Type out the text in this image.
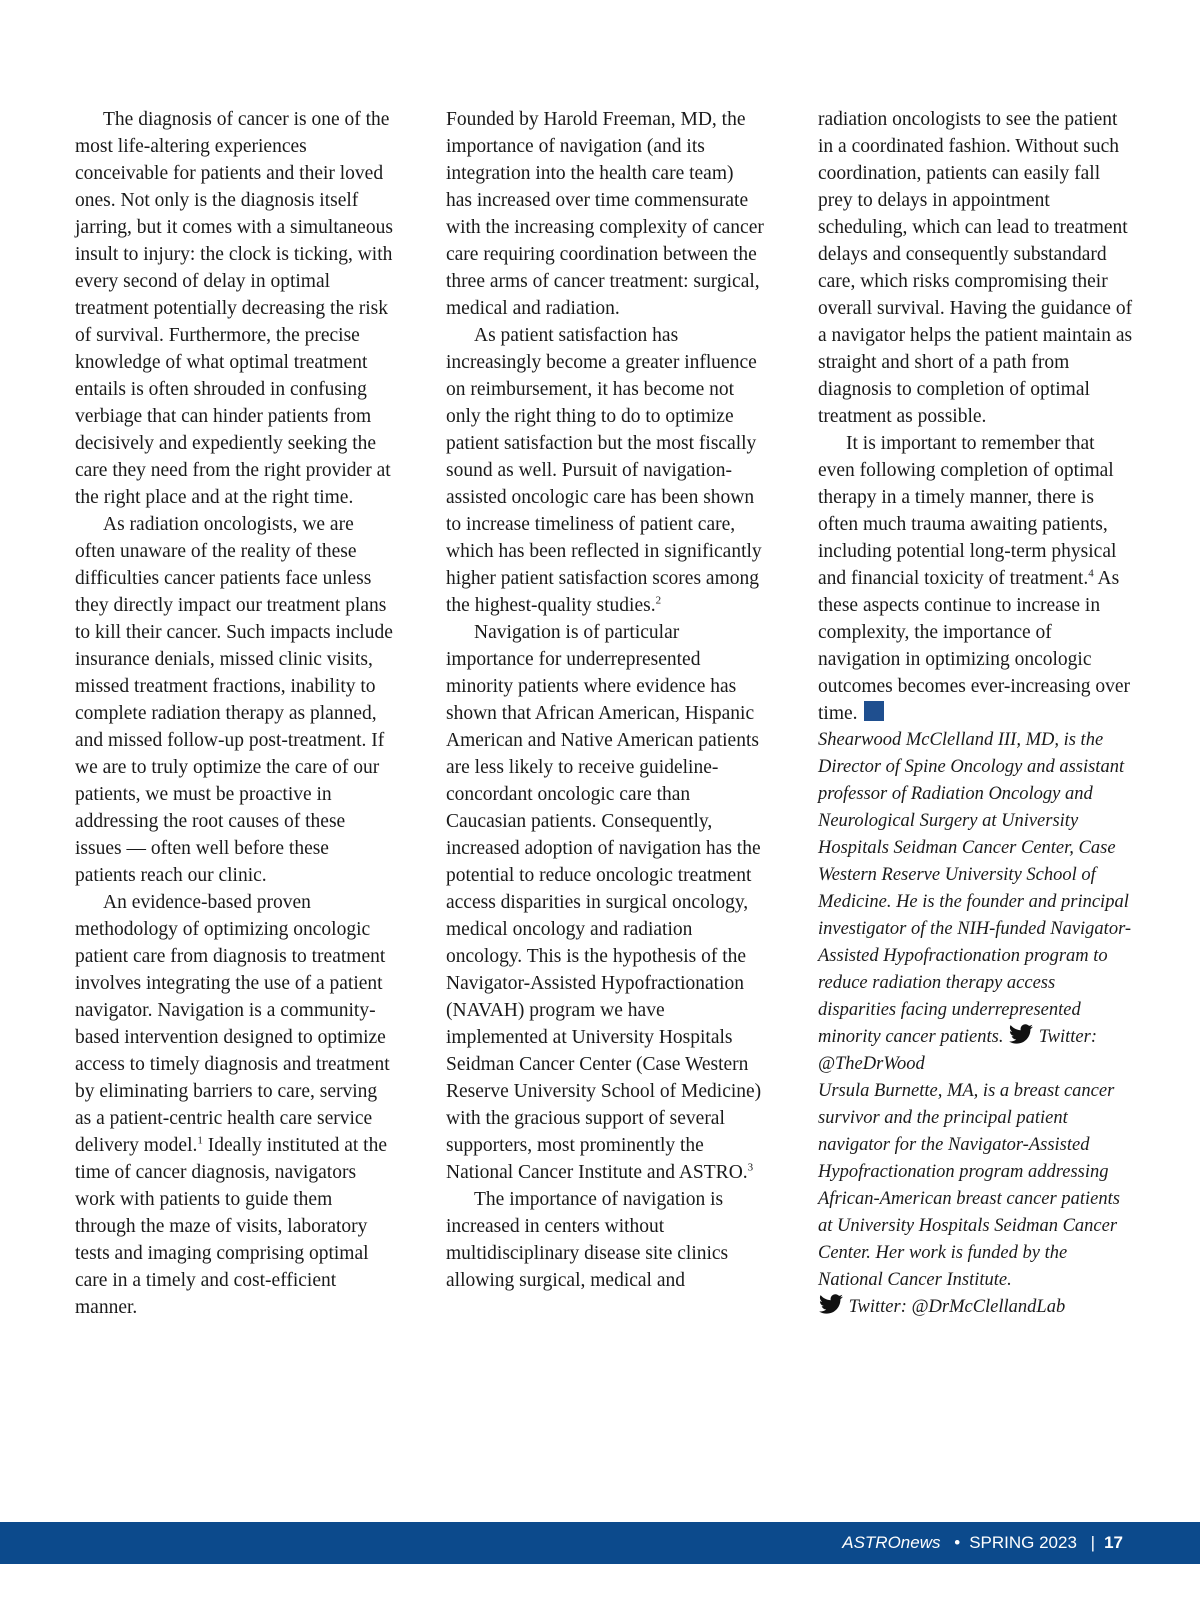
The diagnosis of cancer is one of the most life-altering experiences conceivable for patients and their loved ones. Not only is the diagnosis itself jarring, but it comes with a simultaneous insult to injury: the clock is ticking, with every second of delay in optimal treatment potentially decreasing the risk of survival. Furthermore, the precise knowledge of what optimal treatment entails is often shrouded in confusing verbiage that can hinder patients from decisively and expediently seeking the care they need from the right provider at the right place and at the right time.

As radiation oncologists, we are often unaware of the reality of these difficulties cancer patients face unless they directly impact our treatment plans to kill their cancer. Such impacts include insurance denials, missed clinic visits, missed treatment fractions, inability to complete radiation therapy as planned, and missed follow-up post-treatment. If we are to truly optimize the care of our patients, we must be proactive in addressing the root causes of these issues — often well before these patients reach our clinic.

An evidence-based proven methodology of optimizing oncologic patient care from diagnosis to treatment involves integrating the use of a patient navigator. Navigation is a community-based intervention designed to optimize access to timely diagnosis and treatment by eliminating barriers to care, serving as a patient-centric health care service delivery model.$^1$ Ideally instituted at the time of cancer diagnosis, navigators work with patients to guide them through the maze of visits, laboratory tests and imaging comprising optimal care in a timely and cost-efficient manner.

Founded by Harold Freeman, MD, the importance of navigation (and its integration into the health care team) has increased over time commensurate with the increasing complexity of cancer care requiring coordination between the three arms of cancer treatment: surgical, medical and radiation.

As patient satisfaction has increasingly become a greater influence on reimbursement, it has become not only the right thing to do to optimize patient satisfaction but the most fiscally sound as well. Pursuit of navigation-assisted oncologic care has been shown to increase timeliness of patient care, which has been reflected in significantly higher patient satisfaction scores among the highest-quality studies.$^2$

Navigation is of particular importance for underrepresented minority patients where evidence has shown that African American, Hispanic American and Native American patients are less likely to receive guideline-concordant oncologic care than Caucasian patients. Consequently, increased adoption of navigation has the potential to reduce oncologic treatment access disparities in surgical oncology, medical oncology and radiation oncology. This is the hypothesis of the Navigator-Assisted Hypofractionation (NAVAH) program we have implemented at University Hospitals Seidman Cancer Center (Case Western Reserve University School of Medicine) with the gracious support of several supporters, most prominently the National Cancer Institute and ASTRO.$^3$

The importance of navigation is increased in centers without multidisciplinary disease site clinics allowing surgical, medical and

radiation oncologists to see the patient in a coordinated fashion. Without such coordination, patients can easily fall prey to delays in appointment scheduling, which can lead to treatment delays and consequently substandard care, which risks compromising their overall survival. Having the guidance of a navigator helps the patient maintain as straight and short of a path from diagnosis to completion of optimal treatment as possible.

It is important to remember that even following completion of optimal therapy in a timely manner, there is often much trauma awaiting patients, including potential long-term physical and financial toxicity of treatment.$^4$ As these aspects continue to increase in complexity, the importance of navigation in optimizing oncologic outcomes becomes ever-increasing over time.

Shearwood McClelland III, MD, is the Director of Spine Oncology and assistant professor of Radiation Oncology and Neurological Surgery at University Hospitals Seidman Cancer Center, Case Western Reserve University School of Medicine. He is the founder and principal investigator of the NIH-funded Navigator-Assisted Hypofractionation program to reduce radiation therapy access disparities facing underrepresented minority cancer patients. Twitter: @TheDrWood

Ursula Burnette, MA, is a breast cancer survivor and the principal patient navigator for the Navigator-Assisted Hypofractionation program addressing African-American breast cancer patients at University Hospitals Seidman Cancer Center. Her work is funded by the National Cancer Institute.
Twitter: @DrMcClellandLab

ASTROnews • SPRING 2023 | 17
